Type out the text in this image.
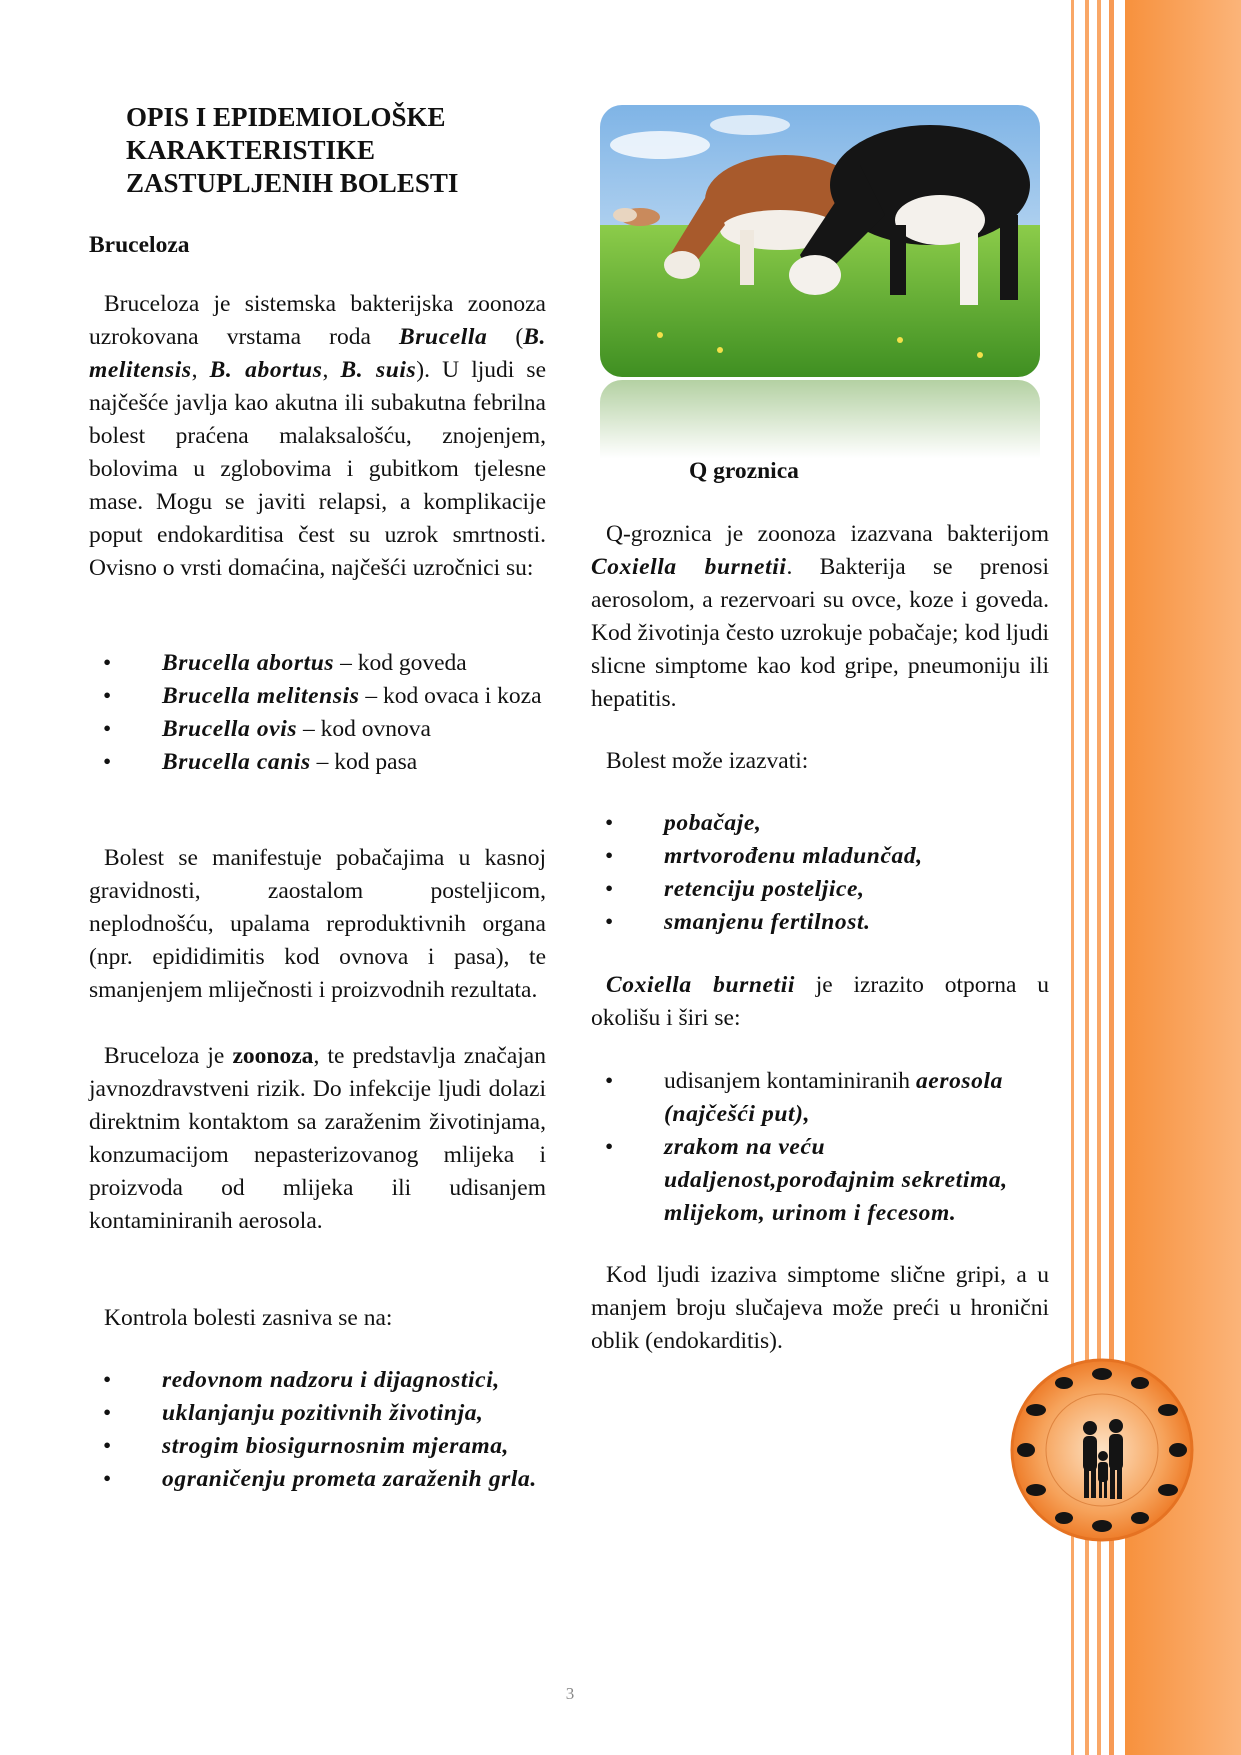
OPIS I EPIDEMIOLOŠKE KARAKTERISTIKE ZASTUPLJENIH BOLESTI
Bruceloza

Bruceloza je sistemska bakterijska zoonoza uzrokovana vrstama roda Brucella (B. melitensis, B. abortus, B. suis). U ljudi se najčešće javlja kao akutna ili subakutna febrilna bolest praćena malaksalošću, znojenjem, bolovima u zglobovima i gubitkom tjelesne mase. Mogu se javiti relapsi, a komplikacije poput endokarditisa čest su uzrok smrtnosti. Ovisno o vrsti domaćina, najčešći uzročnici su:

• Brucella abortus – kod goveda
• Brucella melitensis – kod ovaca i koza
• Brucella ovis – kod ovnova
• Brucella canis – kod pasa

Bolest se manifestuje pobačajima u kasnoj gravidnosti, zaostalom posteljicom, neplodnošću, upalama reproduktivnih organa (npr. epididimitis kod ovnova i pasa), te smanjenjem mliječnosti i proizvodnih rezultata.

Bruceloza je zoonoza, te predstavlja značajan javnozdravstveni rizik. Do infekcije ljudi dolazi direktnim kontaktom sa zaraženim životinjama, konzumacijom nepasterizovanog mlijeka i proizvoda od mlijeka ili udisanjem kontaminiranih aerosola.

Kontrola bolesti zasniva se na:

• redovnom nadzoru i dijagnostici,
• uklanjanju pozitivnih životinja,
• strogim biosigurnosnim mjerama,
• ograničenju prometa zaraženih grla.
Q groznica

Q-groznica je zoonoza izazvana bakterijom Coxiella burnetii. Bakterija se prenosi aerosolom, a rezervoari su ovce, koze i goveda. Kod životinja često uzrokuje pobačaje; kod ljudi slicne simptome kao kod gripe, pneumoniju ili hepatitis.

Bolest može izazvati:

• pobačaje,
• mrtvorođenu mladunčad,
• retenciju posteljice,
• smanjenu fertilnost.

Coxiella burnetii je izrazito otporna u okolišu i širi se:

• udisanjem kontaminiranih aerosola (najčešći put),
• zrakom na veću udaljenost,porođajnim sekretima, mlijekom, urinom i fecesom.

Kod ljudi izaziva simptome slične gripi, a u manjem broju slučajeva može preći u hronični oblik (endokarditis).

3
